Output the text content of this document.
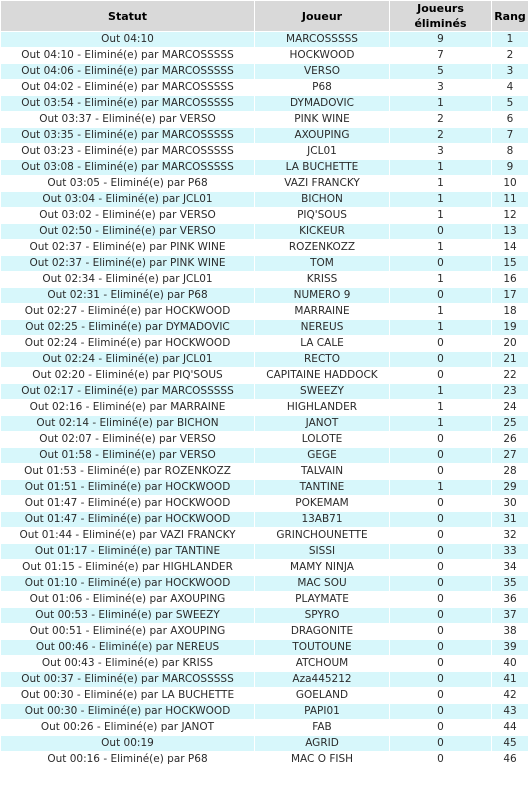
Statut	Joueur	Joueurs éliminés	Rang
Out 04:10	MARCOSSSSS	9	1
Out 04:10 - Eliminé(e) par MARCOSSSSS	HOCKWOOD	7	2
Out 04:06 - Eliminé(e) par MARCOSSSSS	VERSO	5	3
Out 04:02 - Eliminé(e) par MARCOSSSSS	P68	3	4
Out 03:54 - Eliminé(e) par MARCOSSSSS	DYMADOVIC	1	5
Out 03:37 - Eliminé(e) par VERSO	PINK WINE	2	6
Out 03:35 - Eliminé(e) par MARCOSSSSS	AXOUPING	2	7
Out 03:23 - Eliminé(e) par MARCOSSSSS	JCL01	3	8
Out 03:08 - Eliminé(e) par MARCOSSSSS	LA BUCHETTE	1	9
Out 03:05 - Eliminé(e) par P68	VAZI FRANCKY	1	10
Out 03:04 - Eliminé(e) par JCL01	BICHON	1	11
Out 03:02 - Eliminé(e) par VERSO	PIQ'SOUS	1	12
Out 02:50 - Eliminé(e) par VERSO	KICKEUR	0	13
Out 02:37 - Eliminé(e) par PINK WINE	ROZENKOZZ	1	14
Out 02:37 - Eliminé(e) par PINK WINE	TOM	0	15
Out 02:34 - Eliminé(e) par JCL01	KRISS	1	16
Out 02:31 - Eliminé(e) par P68	NUMERO 9	0	17
Out 02:27 - Eliminé(e) par HOCKWOOD	MARRAINE	1	18
Out 02:25 - Eliminé(e) par DYMADOVIC	NEREUS	1	19
Out 02:24 - Eliminé(e) par HOCKWOOD	LA CALE	0	20
Out 02:24 - Eliminé(e) par JCL01	RECTO	0	21
Out 02:20 - Eliminé(e) par PIQ'SOUS	CAPITAINE HADDOCK	0	22
Out 02:17 - Eliminé(e) par MARCOSSSSS	SWEEZY	1	23
Out 02:16 - Eliminé(e) par MARRAINE	HIGHLANDER	1	24
Out 02:14 - Eliminé(e) par BICHON	JANOT	1	25
Out 02:07 - Eliminé(e) par VERSO	LOLOTE	0	26
Out 01:58 - Eliminé(e) par VERSO	GEGE	0	27
Out 01:53 - Eliminé(e) par ROZENKOZZ	TALVAIN	0	28
Out 01:51 - Eliminé(e) par HOCKWOOD	TANTINE	1	29
Out 01:47 - Eliminé(e) par HOCKWOOD	POKEMAM	0	30
Out 01:47 - Eliminé(e) par HOCKWOOD	13AB71	0	31
Out 01:44 - Eliminé(e) par VAZI FRANCKY	GRINCHOUNETTE	0	32
Out 01:17 - Eliminé(e) par TANTINE	SISSI	0	33
Out 01:15 - Eliminé(e) par HIGHLANDER	MAMY NINJA	0	34
Out 01:10 - Eliminé(e) par HOCKWOOD	MAC SOU	0	35
Out 01:06 - Eliminé(e) par AXOUPING	PLAYMATE	0	36
Out 00:53 - Eliminé(e) par SWEEZY	SPYRO	0	37
Out 00:51 - Eliminé(e) par AXOUPING	DRAGONITE	0	38
Out 00:46 - Eliminé(e) par NEREUS	TOUTOUNE	0	39
Out 00:43 - Eliminé(e) par KRISS	ATCHOUM	0	40
Out 00:37 - Eliminé(e) par MARCOSSSSS	Aza445212	0	41
Out 00:30 - Eliminé(e) par LA BUCHETTE	GOELAND	0	42
Out 00:30 - Eliminé(e) par HOCKWOOD	PAPI01	0	43
Out 00:26 - Eliminé(e) par JANOT	FAB	0	44
Out 00:19	AGRID	0	45
Out 00:16 - Eliminé(e) par P68	MAC O FISH	0	46
